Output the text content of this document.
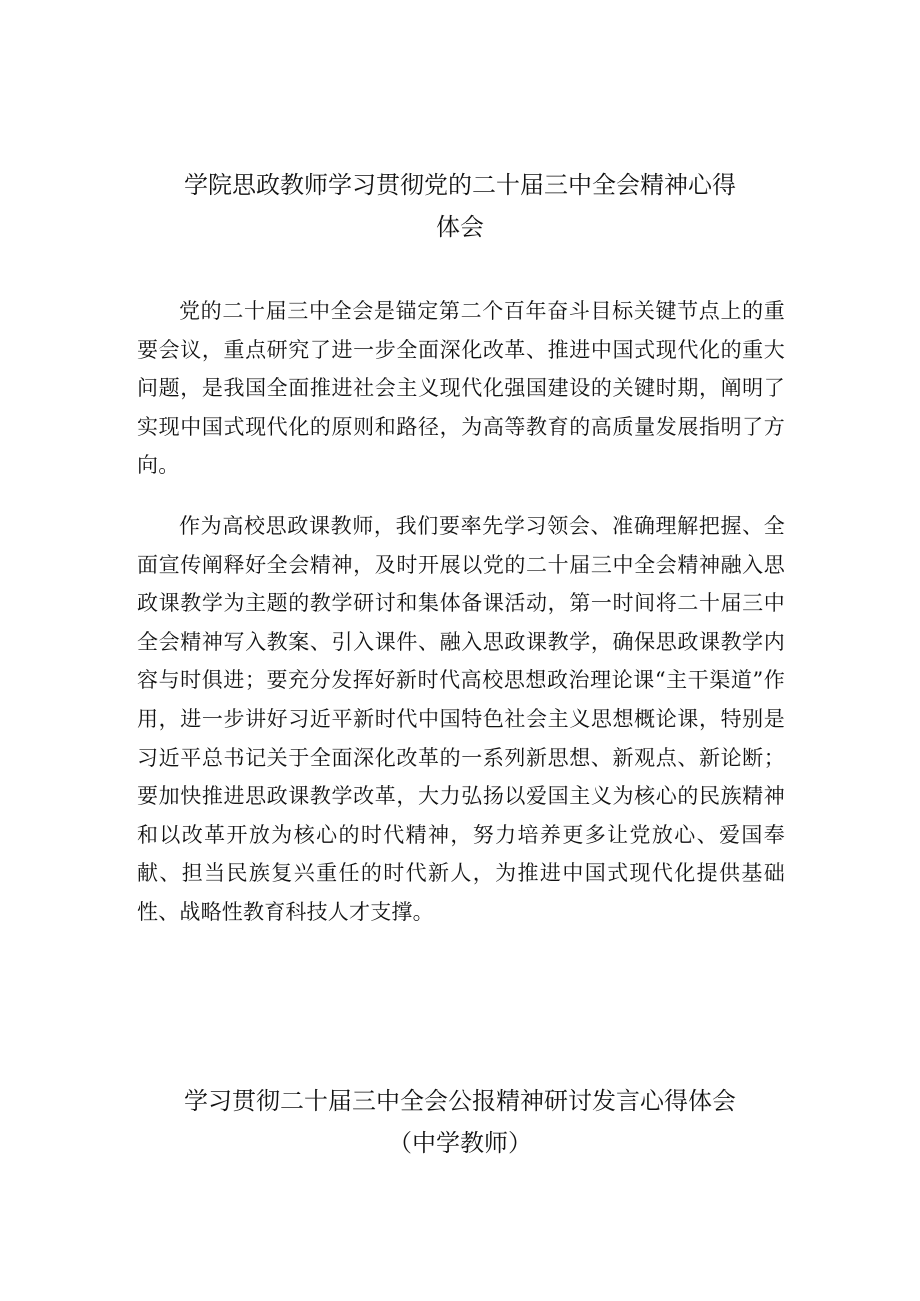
学院思政教师学习贯彻党的二十届三中全会精神心得
体会

党的二十届三中全会是锚定第二个百年奋斗目标关键节点上的重要会议，重点研究了进一步全面深化改革、推进中国式现代化的重大问题，是我国全面推进社会主义现代化强国建设的关键时期，阐明了实现中国式现代化的原则和路径，为高等教育的高质量发展指明了方向。

作为高校思政课教师，我们要率先学习领会、准确理解把握、全面宣传阐释好全会精神，及时开展以党的二十届三中全会精神融入思政课教学为主题的教学研讨和集体备课活动，第一时间将二十届三中全会精神写入教案、引入课件、融入思政课教学，确保思政课教学内容与时俱进；要充分发挥好新时代高校思想政治理论课“主干渠道”作用，进一步讲好习近平新时代中国特色社会主义思想概论课，特别是习近平总书记关于全面深化改革的一系列新思想、新观点、新论断；要加快推进思政课教学改革，大力弘扬以爱国主义为核心的民族精神和以改革开放为核心的时代精神，努力培养更多让党放心、爱国奉献、担当民族复兴重任的时代新人，为推进中国式现代化提供基础性、战略性教育科技人才支撑。

学习贯彻二十届三中全会公报精神研讨发言心得体会
（中学教师）
